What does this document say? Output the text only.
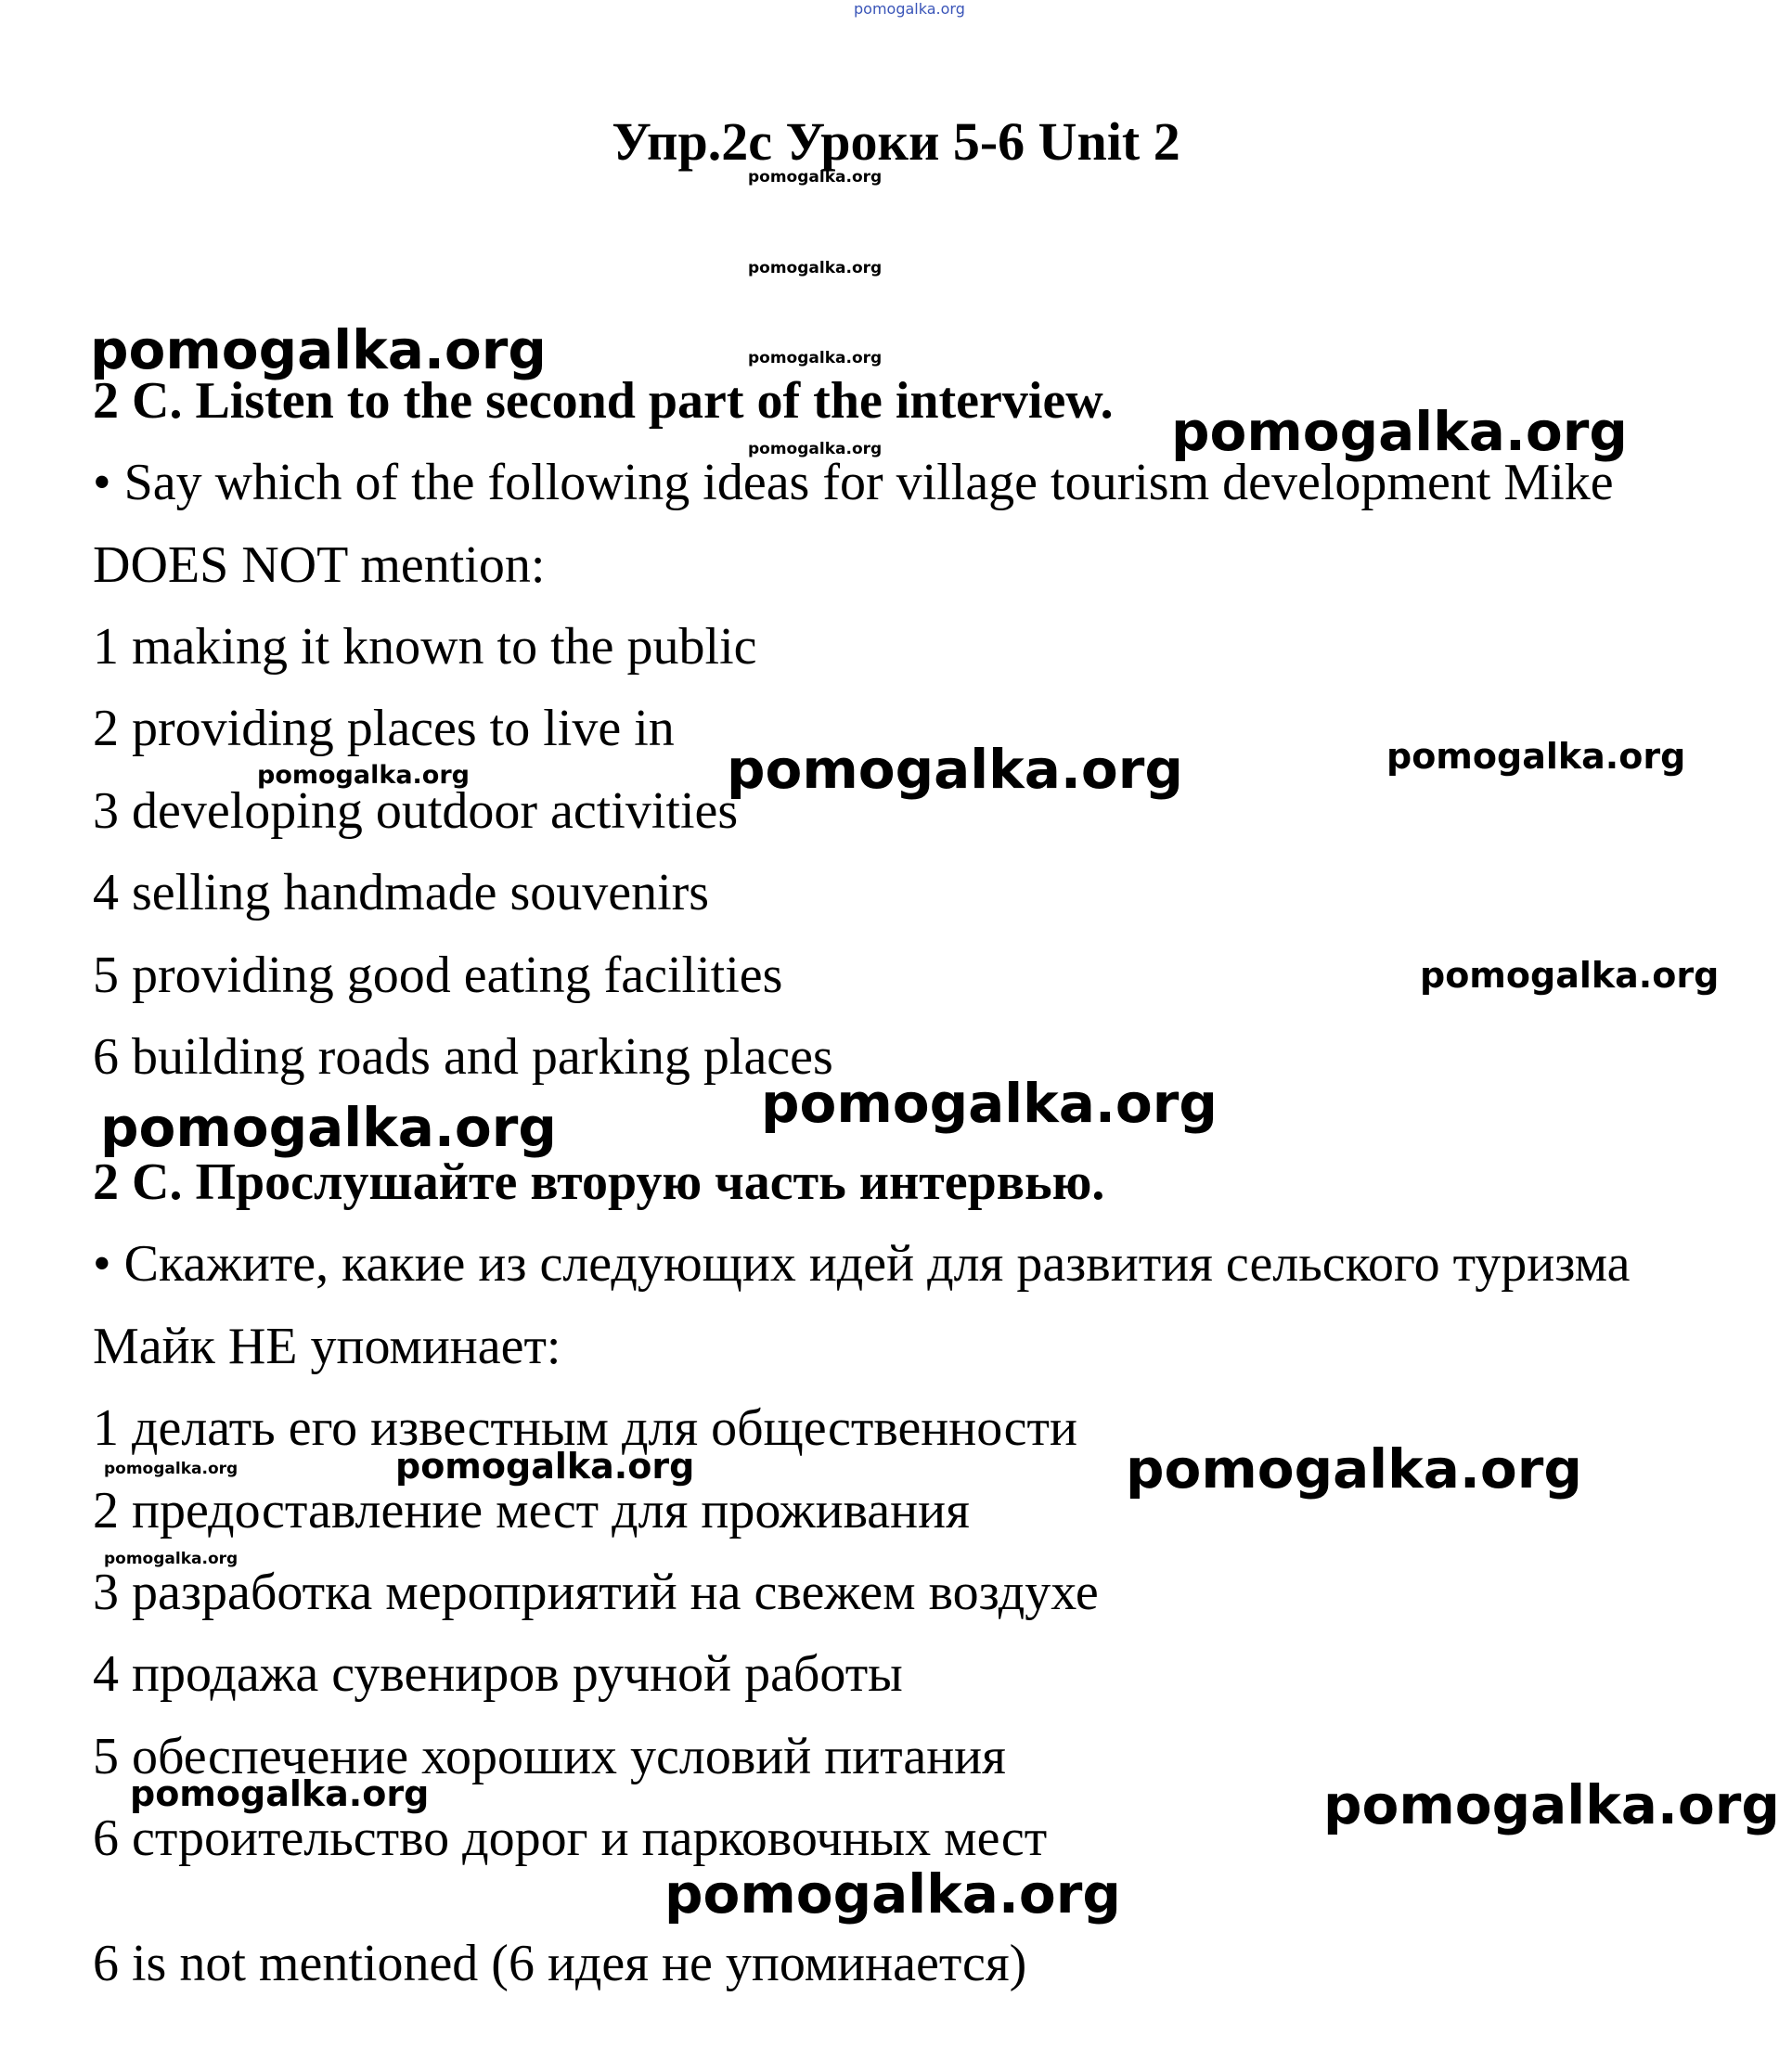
pomogalka.org
Упр.2с Уроки 5-6 Unit 2
pomogalka.org
pomogalka.org
pomogalka.org
pomogalka.org
pomogalka.org
pomogalka.org
2 C. Listen to the second part of the interview.
• Say which of the following ideas for village tourism development Mike
DOES NOT mention:
1 making it known to the public
2 providing places to live in
3 developing outdoor activities
4 selling handmade souvenirs
5 providing good eating facilities
6 building roads and parking places
pomogalka.org	pomogalka.org	pomogalka.org
pomogalka.org
pomogalka.org
pomogalka.org
2 С. Прослушайте вторую часть интервью.
• Скажите, какие из следующих идей для развития сельского туризма
Майк НЕ упоминает:
1 делать его известным для общественности
2 предоставление мест для проживания
3 разработка мероприятий на свежем воздухе
4 продажа сувениров ручной работы
5 обеспечение хороших условий питания
6 строительство дорог и парковочных мест
pomogalka.org	pomogalka.org	pomogalka.org
pomogalka.org
pomogalka.org	pomogalka.org
pomogalka.org
6 is not mentioned (6 идея не упоминается)
